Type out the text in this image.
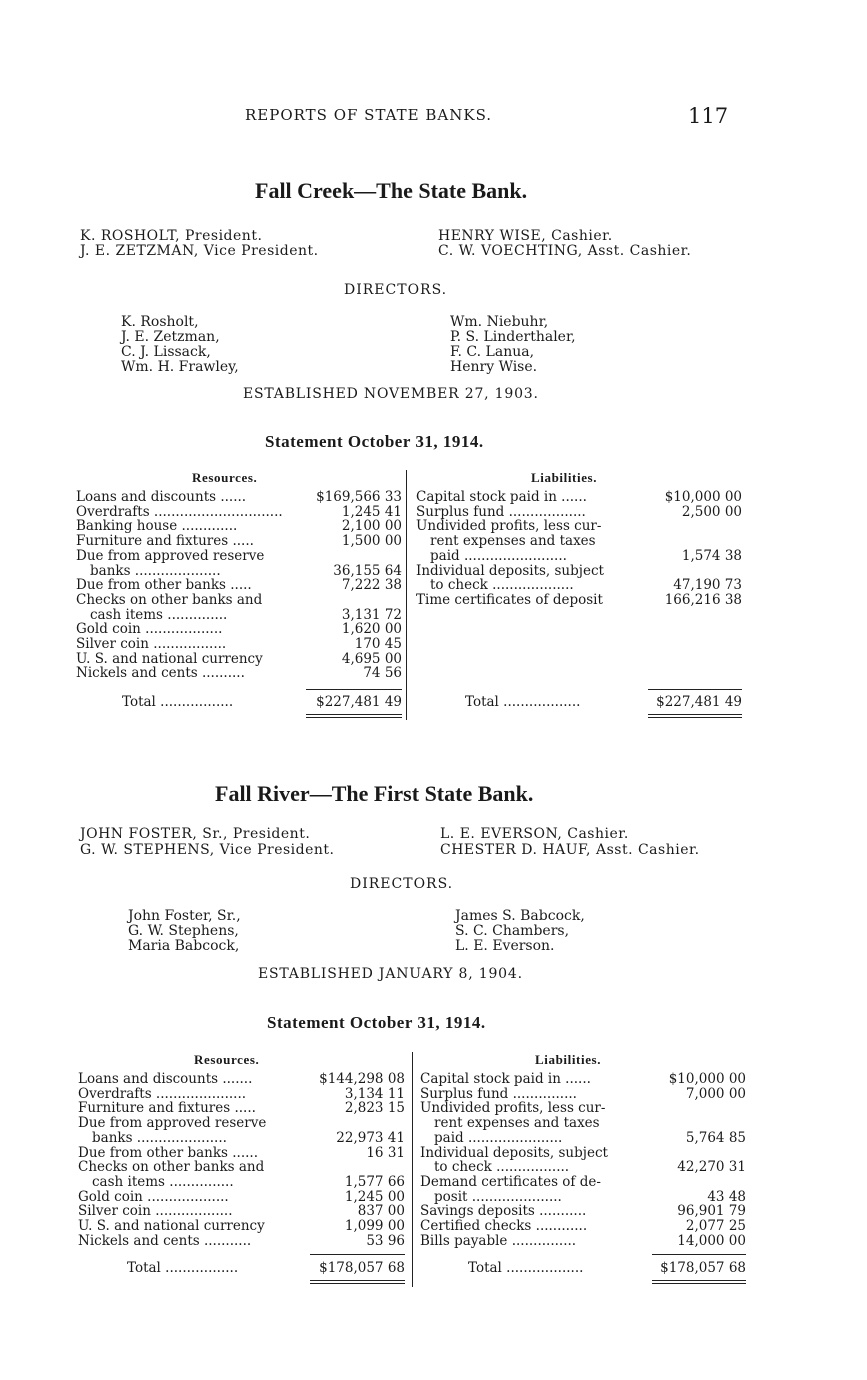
REPORTS OF STATE BANKS.	117
Fall Creek—The State Bank.
K. ROSHOLT, President.
J. E. ZETZMAN, Vice President.
HENRY WISE, Cashier.
C. W. VOECHTING, Asst. Cashier.
DIRECTORS.
K. Rosholt,
J. E. Zetzman,
C. J. Lissack,
Wm. H. Frawley,
Wm. Niebuhr,
P. S. Linderthaler,
F. C. Lanua,
Henry Wise.
ESTABLISHED NOVEMBER 27, 1903.
Statement October 31, 1914.
Resources.	Liabilities.
Loans and discounts ......	$169,566 33
Overdrafts ..............................	1,245 41
Banking house .............	2,100 00
Furniture and fixtures .....	1,500 00
Due from approved reserve
banks ....................	36,155 64
Due from other banks .....	7,222 38
Checks on other banks and
cash items ..............	3,131 72
Gold coin ..................	1,620 00
Silver coin .................	170 45
U. S. and national currency	4,695 00
Nickels and cents ..........	74 56
Capital stock paid in ......	$10,000 00
Surplus fund ..................	2,500 00
Undivided profits, less cur-
rent expenses and taxes
paid ........................	1,574 38
Individual deposits, subject
to check ...................	47,190 73
Time certificates of deposit	166,216 38
Total .................	$227,481 49	Total ..................	$227,481 49
Fall River—The First State Bank.
JOHN FOSTER, Sr., President.
G. W. STEPHENS, Vice President.
L. E. EVERSON, Cashier.
CHESTER D. HAUF, Asst. Cashier.
DIRECTORS.
John Foster, Sr.,
G. W. Stephens,
Maria Babcock,
James S. Babcock,
S. C. Chambers,
L. E. Everson.
ESTABLISHED JANUARY 8, 1904.
Statement October 31, 1914.
Resources.	Liabilities.
Loans and discounts .......	$144,298 08
Overdrafts .....................	3,134 11
Furniture and fixtures .....	2,823 15
Due from approved reserve
banks .....................	22,973 41
Due from other banks ......	16 31
Checks on other banks and
cash items ...............	1,577 66
Gold coin ...................	1,245 00
Silver coin ..................	837 00
U. S. and national currency	1,099 00
Nickels and cents ...........	53 96
Capital stock paid in ......	$10,000 00
Surplus fund ...............	7,000 00
Undivided profits, less cur-
rent expenses and taxes
paid ......................	5,764 85
Individual deposits, subject
to check .................	42,270 31
Demand certificates of de-
posit .....................	43 48
Savings deposits ...........	96,901 79
Certified checks ............	2,077 25
Bills payable ...............	14,000 00
Total .................	$178,057 68	Total ..................	$178,057 68
